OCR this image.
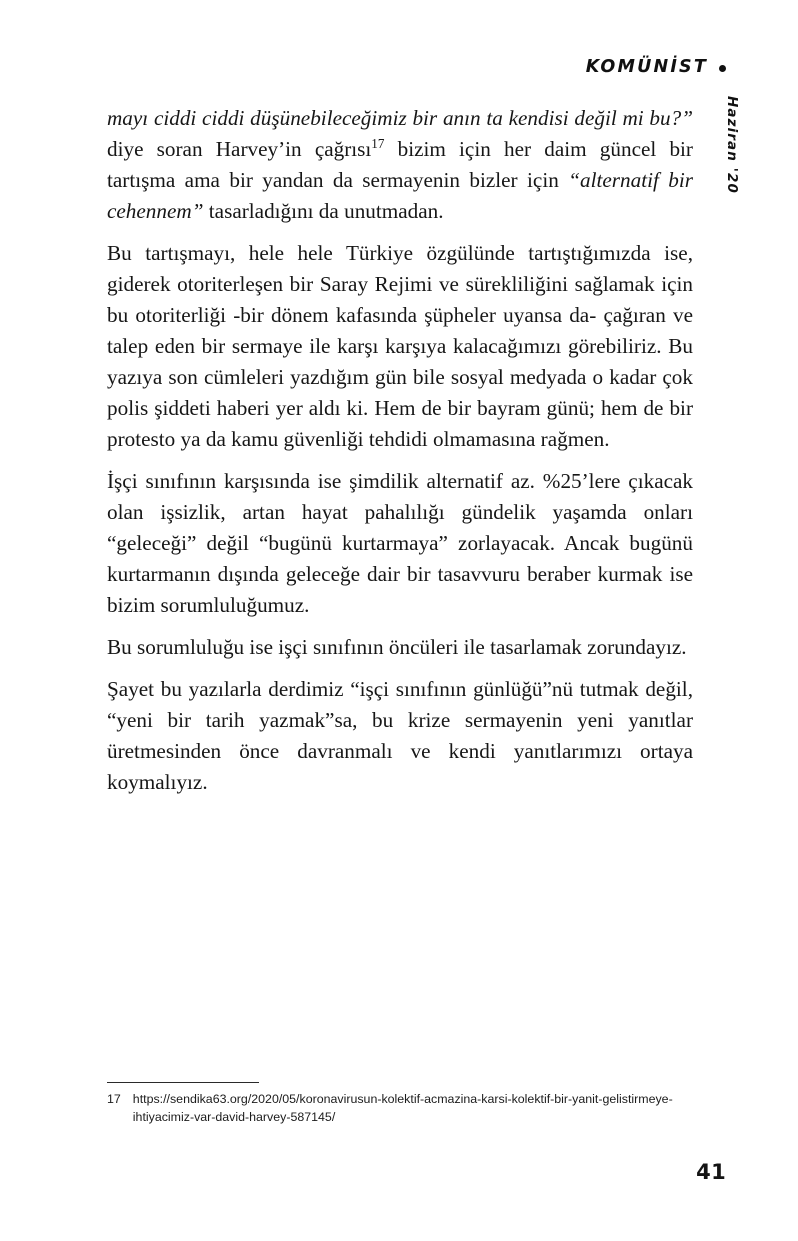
KOMÜNİST
Haziran '20

mayı ciddi ciddi düşünebileceğimiz bir anın ta kendisi değil mi bu?” diye soran Harvey’in çağrısı$^{17}$ bizim için her daim güncel bir tartışma ama bir yandan da sermayenin bizler için “alternatif bir cehennem” tasarladığını da unutmadan.

Bu tartışmayı, hele hele Türkiye özgülünde tartıştığımızda ise, giderek otoriterleşen bir Saray Rejimi ve sürekliliğini sağlamak için bu otoriterliği -bir dönem kafasında şüpheler uyansa da- çağıran ve talep eden bir sermaye ile karşı karşıya kalacağımızı görebiliriz. Bu yazıya son cümleleri yazdığım gün bile sosyal medyada o kadar çok polis şiddeti haberi yer aldı ki. Hem de bir bayram günü; hem de bir protesto ya da kamu güvenliği tehdidi olmamasına rağmen.

İşçi sınıfının karşısında ise şimdilik alternatif az. %25’lere çıkacak olan işsizlik, artan hayat pahalılığı gündelik yaşamda onları “geleceği” değil “bugünü kurtarmaya” zorlayacak. Ancak bugünü kurtarmanın dışında geleceğe dair bir tasavvuru beraber kurmak ise bizim sorumluluğumuz.

Bu sorumluluğu ise işçi sınıfının öncüleri ile tasarlamak zorundayız.

Şayet bu yazılarla derdimiz “işçi sınıfının günlüğü”nü tutmak değil, “yeni bir tarih yazmak”sa, bu krize sermayenin yeni yanıtlar üretmesinden önce davranmalı ve kendi yanıtlarımızı ortaya koymalıyız.

17 https://sendika63.org/2020/05/koronavirusun-kolektif-acmazina-karsi-kolektif-bir-yanit-gelistirmeye-ihtiyacimiz-var-david-harvey-587145/
41
